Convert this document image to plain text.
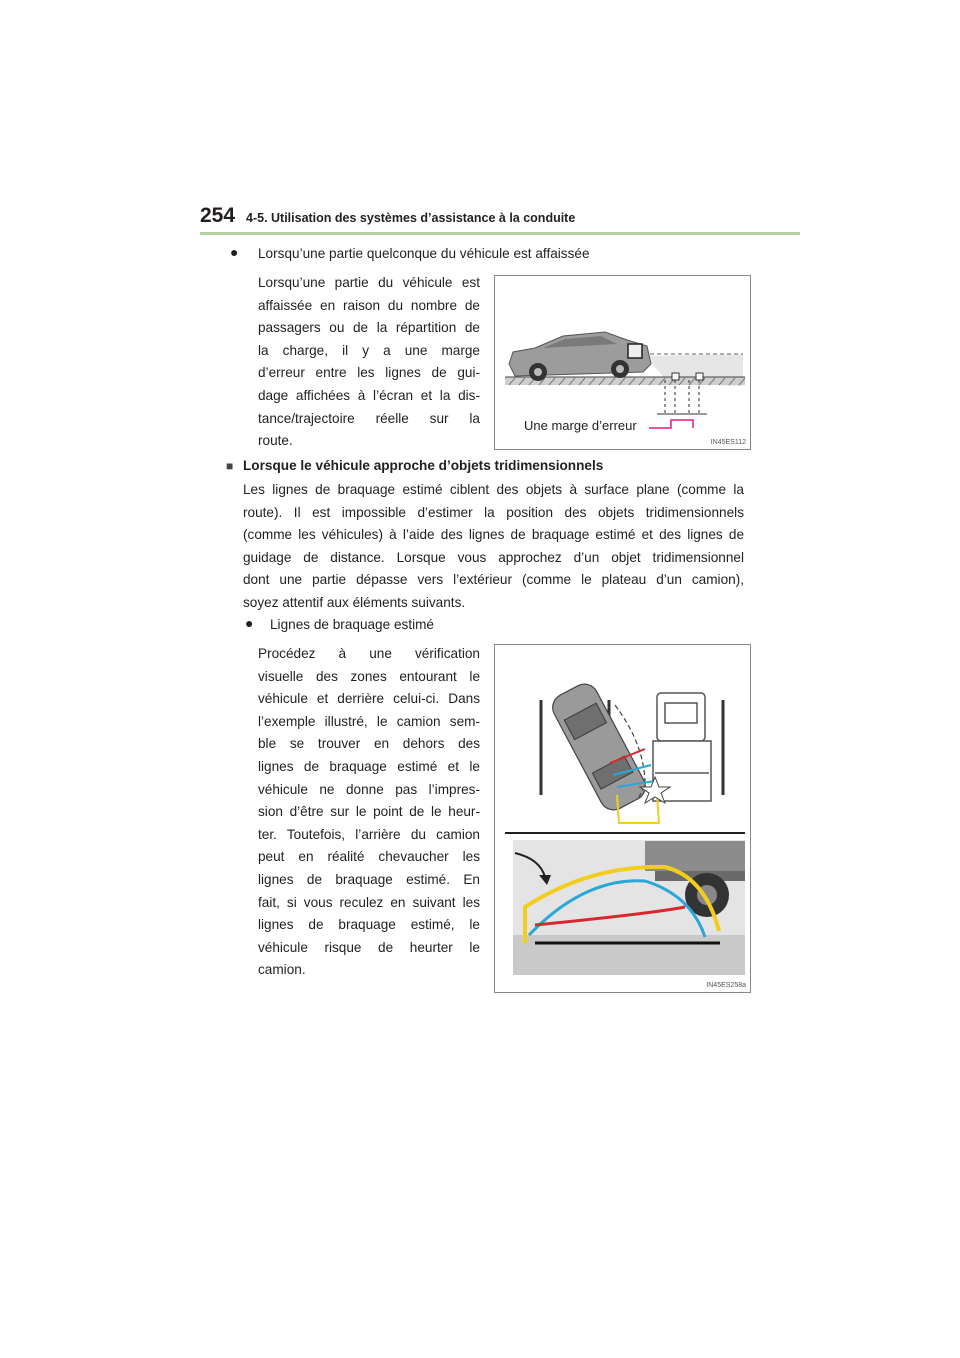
254 4-5. Utilisation des systèmes d’assistance à la conduite
● Lorsqu’une partie quelconque du véhicule est affaissée
Lorsqu’une partie du véhicule est
affaissée en raison du nombre de
passagers ou de la répartition de
la charge, il y a une marge
d’erreur entre les lignes de gui-
dage affichées à l’écran et la dis-
tance/trajectoire réelle sur la
route.
Une marge d’erreur
IN45ES112
■ Lorsque le véhicule approche d’objets tridimensionnels
Les lignes de braquage estimé ciblent des objets à surface plane (comme la
route). Il est impossible d’estimer la position des objets tridimensionnels
(comme les véhicules) à l’aide des lignes de braquage estimé et des lignes de
guidage de distance. Lorsque vous approchez d’un objet tridimensionnel
dont une partie dépasse vers l’extérieur (comme le plateau d’un camion),
soyez attentif aux éléments suivants.
● Lignes de braquage estimé
Procédez à une vérification
visuelle des zones entourant le
véhicule et derrière celui-ci. Dans
l’exemple illustré, le camion sem-
ble se trouver en dehors des
lignes de braquage estimé et le
véhicule ne donne pas l’impres-
sion d’être sur le point de le heur-
ter. Toutefois, l’arrière du camion
peut en réalité chevaucher les
lignes de braquage estimé. En
fait, si vous reculez en suivant les
lignes de braquage estimé, le
véhicule risque de heurter le
camion.
IN45ES258a
